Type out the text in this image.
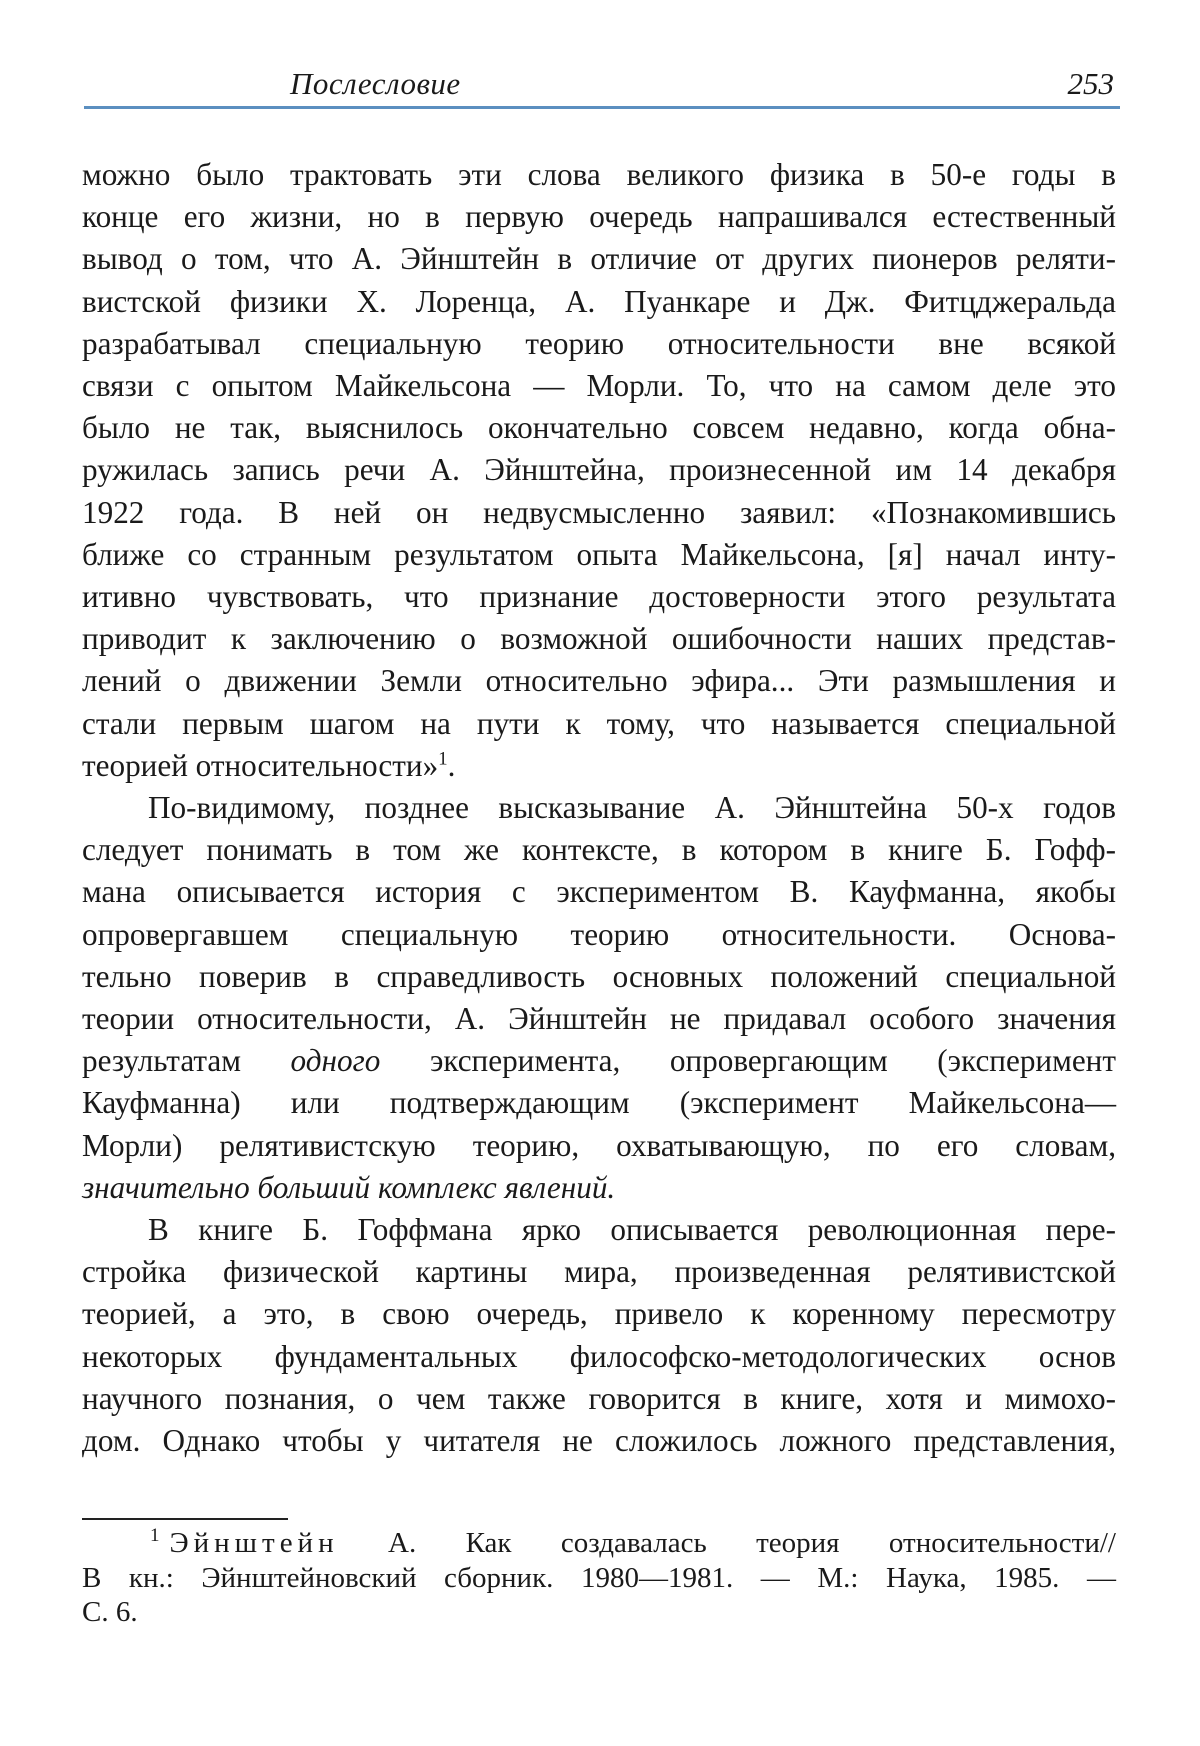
Послесловие	253

можно было трактовать эти слова великого физика в 50-е годы в
конце его жизни, но в первую очередь напрашивался естественный
вывод о том, что А. Эйнштейн в отличие от других пионеров реляти-
вистской физики Х. Лоренца, А. Пуанкаре и Дж. Фитцджеральда
разрабатывал специальную теорию относительности вне всякой
связи с опытом Майкельсона — Морли. То, что на самом деле это
было не так, выяснилось окончательно совсем недавно, когда обна-
ружилась запись речи А. Эйнштейна, произнесенной им 14 декабря
1922 года. В ней он недвусмысленно заявил: «Познакомившись
ближе со странным результатом опыта Майкельсона, [я] начал инту-
итивно чувствовать, что признание достоверности этого результата
приводит к заключению о возможной ошибочности наших представ-
лений о движении Земли относительно эфира... Эти размышления и
стали первым шагом на пути к тому, что называется специальной
теорией относительности»$^1$.

По-видимому, позднее высказывание А. Эйнштейна 50-х годов
следует понимать в том же контексте, в котором в книге Б. Гофф-
мана описывается история с экспериментом В. Кауфманна, якобы
опровергавшем специальную теорию относительности. Основа-
тельно поверив в справедливость основных положений специальной
теории относительности, А. Эйнштейн не придавал особого значения
результатам одного эксперимента, опровергающим (эксперимент
Кауфманна) или подтверждающим (эксперимент Майкельсона—
Морли) релятивистскую теорию, охватывающую, по его словам,
значительно больший комплекс явлений.

В книге Б. Гоффмана ярко описывается революционная пере-
стройка физической картины мира, произведенная релятивистской
теорией, а это, в свою очередь, привело к коренному пересмотру
некоторых фундаментальных философско-методологических основ
научного познания, о чем также говорится в книге, хотя и мимохо-
дом. Однако чтобы у читателя не сложилось ложного представления,

$^1$ Эйнштейн А. Как создавалась теория относительности//
В кн.: Эйнштейновский сборник. 1980—1981. — М.: Наука, 1985. —
С. 6.
